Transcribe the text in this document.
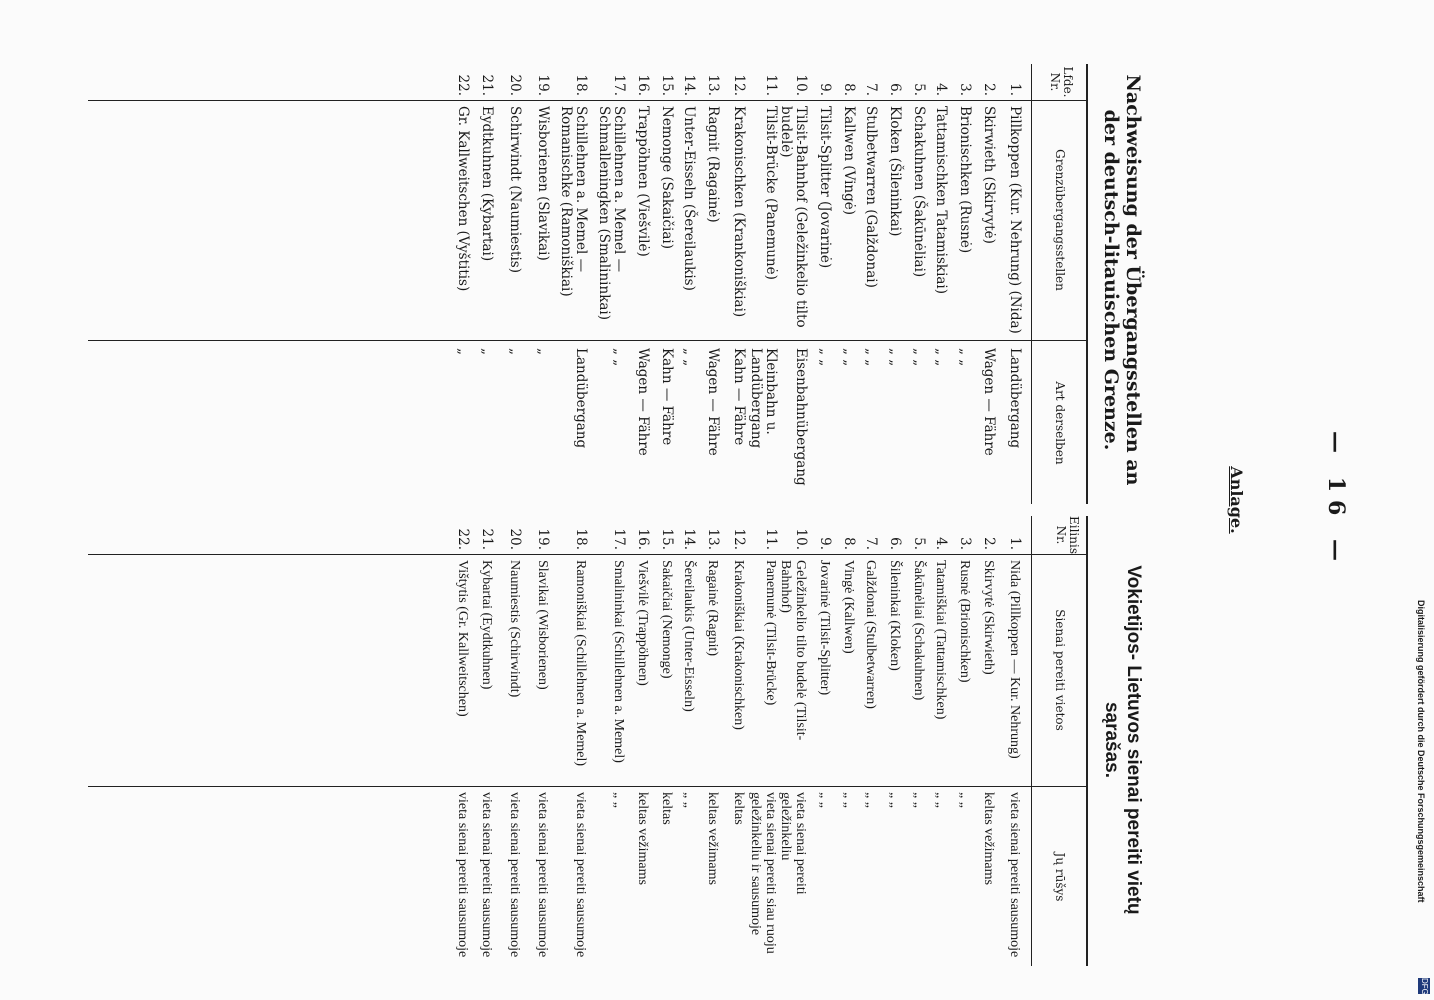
— 16 —
Anlage.
Nachweisung der Übergangsstellen an der deutsch-litauischen Grenze.
Vokietijos- Lietuvos sienai pereiti vietų sąrašas.
Lfde. Nr.
Grenzübergangsstellen
Art derselben
Eilinis Nr.
Sienai pereiti vietos
Jų rūšys
1.
Pillkoppen (Kur. Nehrung) (Nida)
Landübergang
2.
Skirwieth (Skirvytė)
Wagen — Fähre
3.
Brionischken (Rusnė)
„ „
4.
Tattamischken Tatamiskiai)
„ „
5.
Schakuhnen (Šakūnėliai)
„ „
6.
Kloken (Šileninkai)
„ „
7.
Stulbetwarren (Galždonai)
„ „
8.
Kallwen (Vingė)
„ „
9.
Tilsit-Splitter (Jovarinė)
„ „
10.
Tilsit-Bahnhof (Geležinkelio tilto budelė)
Eisenbahnübergang
11.
Tilsit-Brücke (Panemunė)
Kleinbahn u. Landübergang
12.
Krakonischken (Krankoniškiai)
Kahn — Fähre
13.
Ragnit (Ragainė)
Wagen — Fähre
14.
Unter-Eisseln (Šereilaukis)
„ „
15.
Nemonge (Sakaičiai)
Kahn — Fähre
16.
Trappöhnen (Viešvilė)
Wagen — Fähre
17.
Schillehnen a. Memel — Schmalleningken (Smalininkai)
„ „
18.
Schillehnen a. Memel — Romanischke (Ramoniškiai)
Landübergang
19.
Wisborienen (Slavikai)
„
20.
Schirwindt (Naumiestis)
„
21.
Eydtkuhnen (Kybartai)
„
22.
Gr. Kallweitschen (Vyštitis)
„
1.
Nida (Pillkoppen — Kur. Nehrung)
vieta sienai pereiti sausumoje
2.
Skirvytė (Skirwieth)
keltas vežimams
3.
Rusnė (Brionischken)
„ „
4.
Tatamiškiai (Tattamischken)
„ „
5.
Šakūnėliai (Schakuhnen)
„ „
6.
Šileninkai (Kloken)
„ „
7.
Galždonai (Stulbetwarren)
„ „
8.
Vingė (Kallwen)
„ „
9.
Jovarinė (Tilsit-Splitter)
„ „
10.
Geležinkelio tilto budelė (Tilsit-Bahnhof)
vieta sienai pereiti geležinkeliu
11.
Panemunė (Tilsit-Brücke)
vieta sienai pereiti siau ruoju geležinkeliu ir sausumoje
12.
Krakoniškiai (Krakonischken)
keltas
13.
Ragainė (Ragnit)
keltas vežimams
14.
Šereilaukis (Unter-Eisseln)
„ „
15.
Sakaičiai (Nemonge)
keltas
16.
Viešvilė (Trappöhnen)
keltas vežimams
17.
Smalininkai (Schillehnen a. Memel)
„ „
18.
Ramoniškiai (Schillehnen a. Memel)
vieta sienai pereiti sausumoje
19.
Slavikai (Wisborienen)
vieta sienai pereiti sausumoje
20.
Naumiestis (Schirwindt)
vieta sienai pereiti sausumoje
21.
Kybartai (Eydtkuhnen)
vieta sienai pereiti sausumoje
22.
Vištytis (Gr. Kallweitschen)
vieta sienai pereiti sausumoje	Digitalisierung gefördert durch die Deutsche Forschungsgemeinschaft
DFG
